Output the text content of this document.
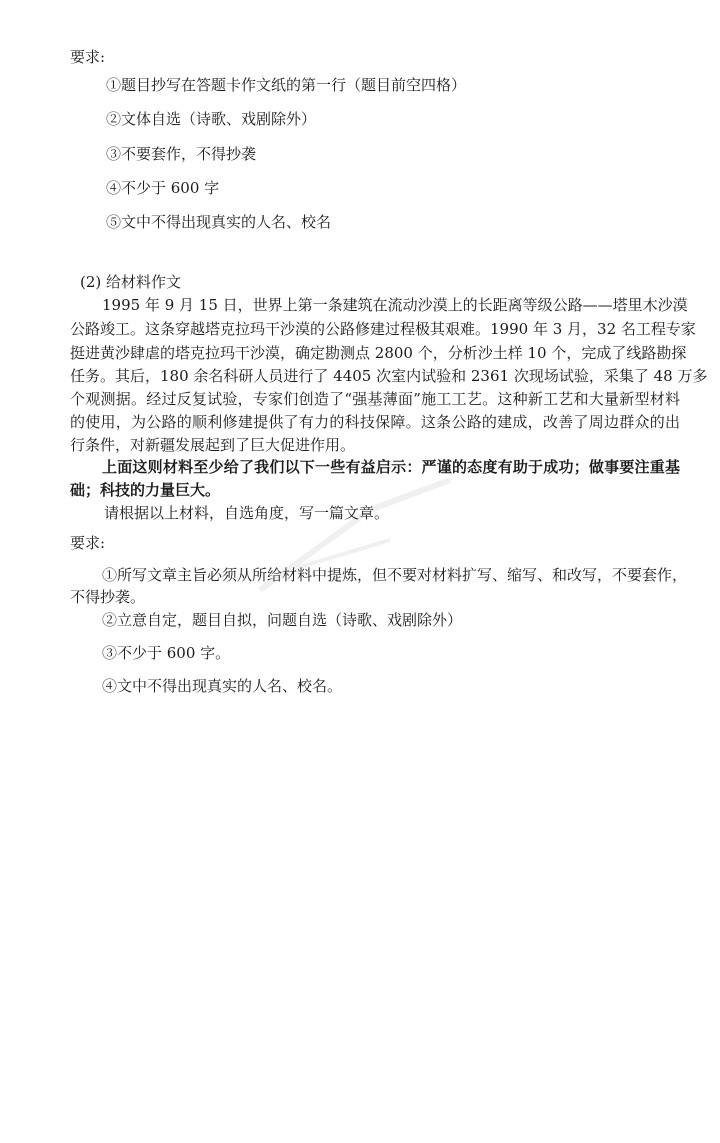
要求:
①题目抄写在答题卡作文纸的第一行（题目前空四格）
②文体自选（诗歌、戏剧除外）
③不要套作，不得抄袭
④不少于 600 字
⑤文中不得出现真实的人名、校名
(2) 给材料作文
1995 年 9 月 15 日，世界上第一条建筑在流动沙漠上的长距离等级公路——塔里木沙漠
公路竣工。这条穿越塔克拉玛干沙漠的公路修建过程极其艰难。1990 年 3 月，32 名工程专家
挺进黄沙肆虐的塔克拉玛干沙漠，确定勘测点 2800 个，分析沙土样 10 个，完成了线路勘探
任务。其后，180 余名科研人员进行了 4405 次室内试验和 2361 次现场试验，采集了 48 万多
个观测据。经过反复试验，专家们创造了“强基薄面”施工工艺。这种新工艺和大量新型材料
的使用，为公路的顺利修建提供了有力的科技保障。这条公路的建成，改善了周边群众的出
行条件，对新疆发展起到了巨大促进作用。
上面这则材料至少给了我们以下一些有益启示：严谨的态度有助于成功；做事要注重基
础；科技的力量巨大。
请根据以上材料，自选角度，写一篇文章。
要求:
①所写文章主旨必须从所给材料中提炼，但不要对材料扩写、缩写、和改写，不要套作，
不得抄袭。
②立意自定，题目自拟，问题自选（诗歌、戏剧除外）
③不少于 600 字。
④文中不得出现真实的人名、校名。
